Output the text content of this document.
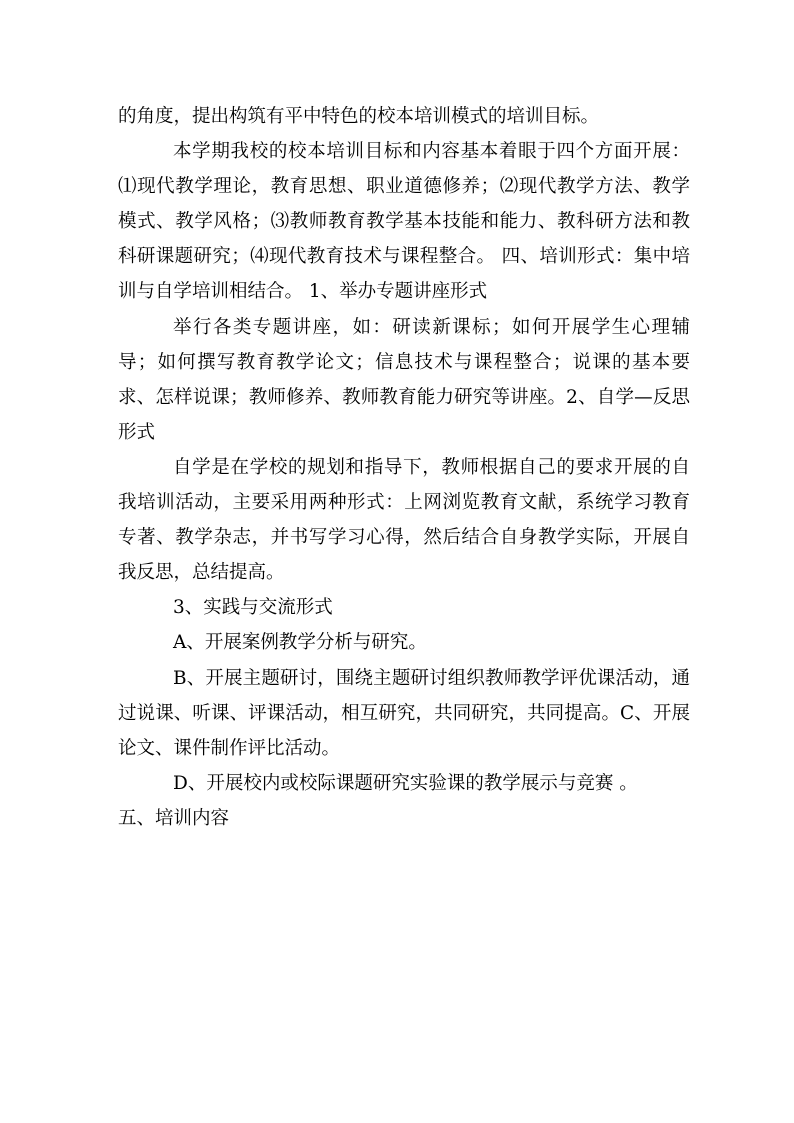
的角度，提出构筑有平中特色的校本培训模式的培训目标。

本学期我校的校本培训目标和内容基本着眼于四个方面开展：⑴现代教学理论，教育思想、职业道德修养；⑵现代教学方法、教学模式、教学风格；⑶教师教育教学基本技能和能力、教科研方法和教科研课题研究；⑷现代教育技术与课程整合。 四、培训形式：集中培训与自学培训相结合。 1、举办专题讲座形式

举行各类专题讲座，如：研读新课标；如何开展学生心理辅导；如何撰写教育教学论文；信息技术与课程整合；说课的基本要求、怎样说课；教师修养、教师教育能力研究等讲座。2、自学—反思形式

自学是在学校的规划和指导下，教师根据自己的要求开展的自我培训活动，主要采用两种形式：上网浏览教育文献，系统学习教育专著、教学杂志，并书写学习心得，然后结合自身教学实际，开展自我反思，总结提高。

3、实践与交流形式

A、开展案例教学分析与研究。

B、开展主题研讨，围绕主题研讨组织教师教学评优课活动，通过说课、听课、评课活动，相互研究，共同研究，共同提高。C、开展论文、课件制作评比活动。

D、开展校内或校际课题研究实验课的教学展示与竞赛 。

五、培训内容
